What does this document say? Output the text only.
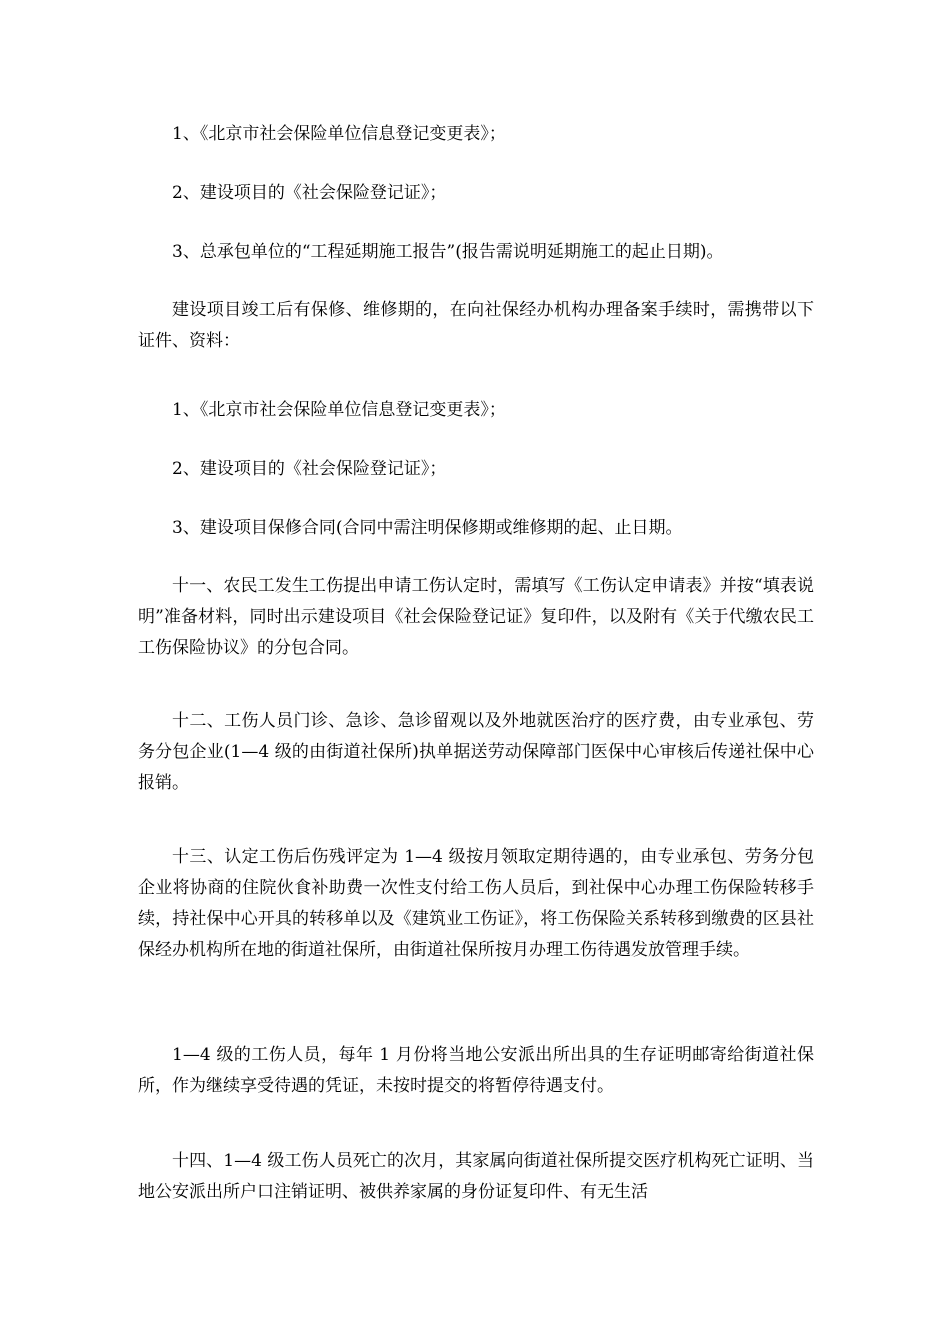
1、《北京市社会保险单位信息登记变更表》；

2、建设项目的《社会保险登记证》；

3、总承包单位的“工程延期施工报告”(报告需说明延期施工的起止日期)。

建设项目竣工后有保修、维修期的，在向社保经办机构办理备案手续时，需携带以下证件、资料：

1、《北京市社会保险单位信息登记变更表》；

2、建设项目的《社会保险登记证》；

3、建设项目保修合同(合同中需注明保修期或维修期的起、止日期。

十一、农民工发生工伤提出申请工伤认定时，需填写《工伤认定申请表》并按“填表说明”准备材料，同时出示建设项目《社会保险登记证》复印件，以及附有《关于代缴农民工工伤保险协议》的分包合同。

十二、工伤人员门诊、急诊、急诊留观以及外地就医治疗的医疗费，由专业承包、劳务分包企业(1—4 级的由街道社保所)执单据送劳动保障部门医保中心审核后传递社保中心报销。

十三、认定工伤后伤残评定为 1—4 级按月领取定期待遇的，由专业承包、劳务分包企业将协商的住院伙食补助费一次性支付给工伤人员后，到社保中心办理工伤保险转移手续，持社保中心开具的转移单以及《建筑业工伤证》，将工伤保险关系转移到缴费的区县社保经办机构所在地的街道社保所，由街道社保所按月办理工伤待遇发放管理手续。

1—4 级的工伤人员，每年 1 月份将当地公安派出所出具的生存证明邮寄给街道社保所，作为继续享受待遇的凭证，未按时提交的将暂停待遇支付。

十四、1—4 级工伤人员死亡的次月，其家属向街道社保所提交医疗机构死亡证明、当地公安派出所户口注销证明、被供养家属的身份证复印件、有无生活
